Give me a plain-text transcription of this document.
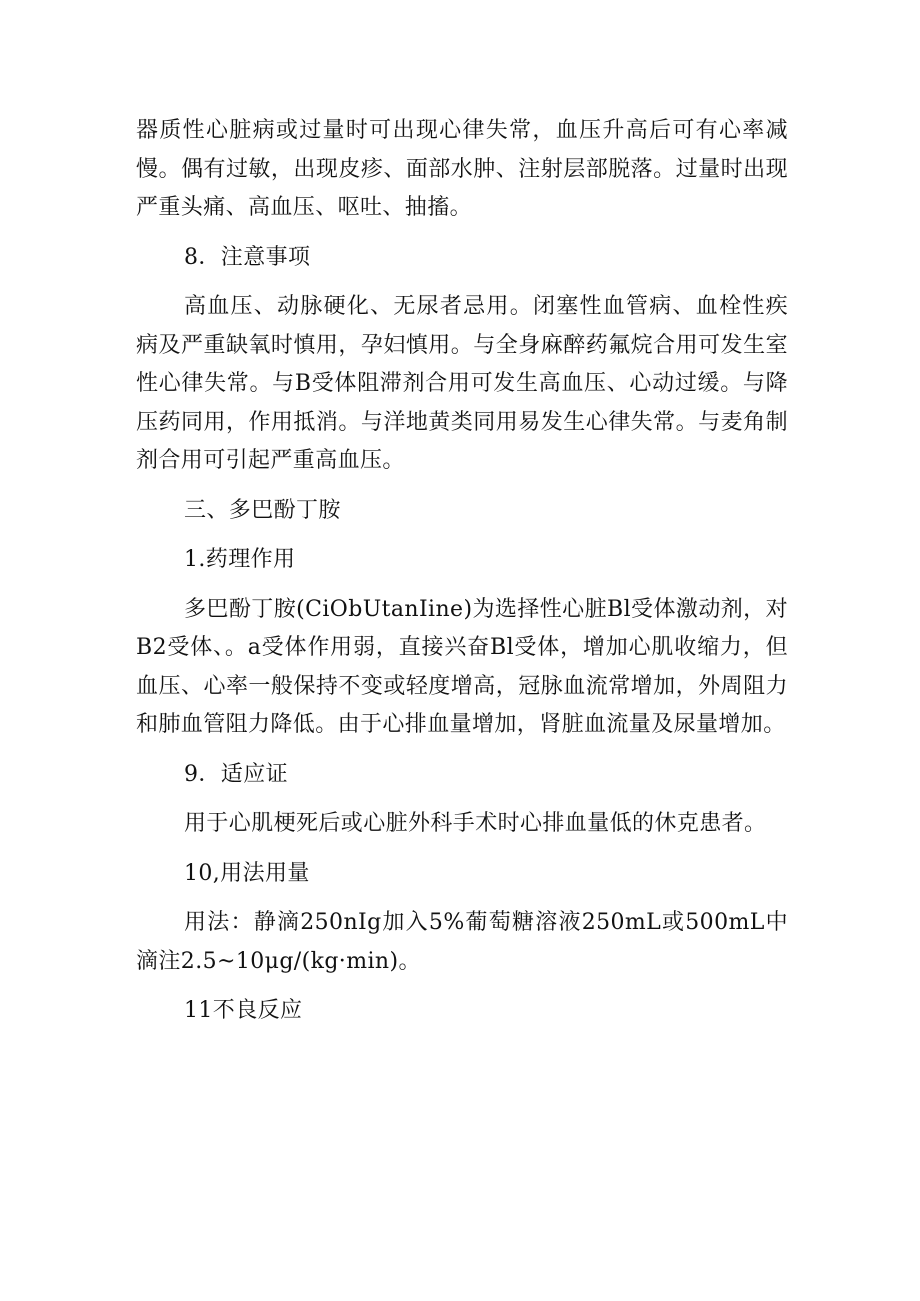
器质性心脏病或过量时可出现心律失常，血压升高后可有心率减慢。偶有过敏，出现皮疹、面部水肿、注射层部脱落。过量时出现严重头痛、高血压、呕吐、抽搐。

8．注意事项

高血压、动脉硬化、无尿者忌用。闭塞性血管病、血栓性疾病及严重缺氧时慎用，孕妇慎用。与全身麻醉药氟烷合用可发生室性心律失常。与B受体阻滞剂合用可发生高血压、心动过缓。与降压药同用，作用抵消。与洋地黄类同用易发生心律失常。与麦角制剂合用可引起严重高血压。

三、多巴酚丁胺

1.药理作用

多巴酚丁胺(CiObUtanIine)为选择性心脏Bl受体激动剂，对B2受体、。a受体作用弱，直接兴奋Bl受体，增加心肌收缩力，但血压、心率一般保持不变或轻度增高，冠脉血流常增加，外周阻力和肺血管阻力降低。由于心排血量增加，肾脏血流量及尿量增加。

9．适应证

用于心肌梗死后或心脏外科手术时心排血量低的休克患者。

10,用法用量

用法：静滴250nIg加入5%葡萄糖溶液250mL或500mL中滴注2.5~10μg/(kg·min)。

11不良反应
